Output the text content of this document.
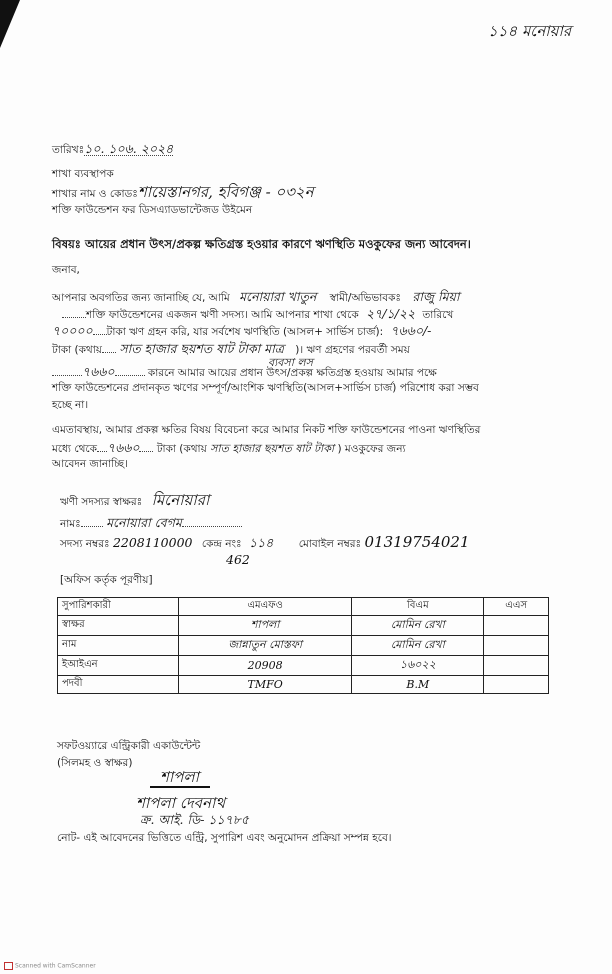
১১৪ মনোয়ার
তারিখঃ১০. ১০৬. ২০২৪
শাখা ব্যবস্থাপক
শাখার নাম ও কোডঃশায়েস্তানগর, হবিগঞ্জ - ০৩২ন
শক্তি ফাউন্ডেশন ফর ডিসএ্যাডভান্টেজড উইমেন
বিষয়ঃ আয়ের প্রধান উৎস/প্রকল্প ক্ষতিগ্রস্ত হওয়ার কারণে ঋণস্থিতি মওকুফের জন্য আবেদন।
জনাব,
আপনার অবগতির জন্য জানাচ্ছি যে, আমি মনোয়ারা খাতুন স্বামী/অভিভাবকঃ রাজু মিয়া
শক্তি ফাউন্ডেশনের একজন ঋণী সদস্য। আমি আপনার শাখা থেকে ২৭/১/২২ তারিখে
৭০০০০ টাকা ঋণ গ্রহন করি, যার সর্বশেষ ঋণস্থিতি (আসল+ সার্ভিস চার্জ): ৭৬৬০/-
টাকা (কথায় সাত হাজার ছয়শত ষাট টাকা মাত্র )। ঋণ গ্রহণের পরবর্তী সময়
ব্যবসা লস
৭৬৬০	কারনে আমার আয়ের প্রধান উৎস/প্রকল্প ক্ষতিগ্রস্ত হওয়ায় আমার পক্ষে
শক্তি ফাউন্ডেশনের প্রদানকৃত ঋণের সম্পূর্ণ/আংশিক ঋণস্থিতি(আসল+সার্ভিস চার্জ) পরিশোধ করা সম্ভব
হচ্ছে না।
এমতাবস্থায়, আমার প্রকল্প ক্ষতির বিষয় বিবেচনা করে আমার নিকট শক্তি ফাউন্ডেশনের পাওনা ঋণস্থিতির
মধ্যে থেকে ৭৬৬০ টাকা (কথায় সাত হাজার ছয়শত ষাট টাকা ) মওকুফের জন্য
আবেদন জানাচ্ছি।
ঋণী সদস্যর স্বাক্ষরঃ মিনোয়ারা
নামঃ মনোয়ারা বেগম
সদস্য নম্বরঃ 2208110000 কেন্দ্র নংঃ ১১৪ মোবাইল নম্বরঃ 01319754021
462
[অফিস কর্তৃক পূরণীয়]
সুপারিশকারী	এমএফও	বিএম	এএস
স্বাক্ষর	শাপলা	মোমিন রেখা	
নাম	জান্নাতুন মোস্তফা	মোমিন রেখা	
ইআইএন	20908	১৬০২২	
পদবী	TMFO	B.M	
সফটওয়্যারে এন্ট্রিকারী একাউন্টেন্ট
(সিলমহ ও স্বাক্ষর)
শাপলা
শাপলা দেবনাথ
ক্র. আই. ডি- ১১৭৮৫
নোট- এই আবেদনের ভিত্তিতে এন্ট্রি, সুপারিশ এবং অনুমোদন প্রক্রিয়া সম্পন্ন হবে।
Scanned with CamScanner
